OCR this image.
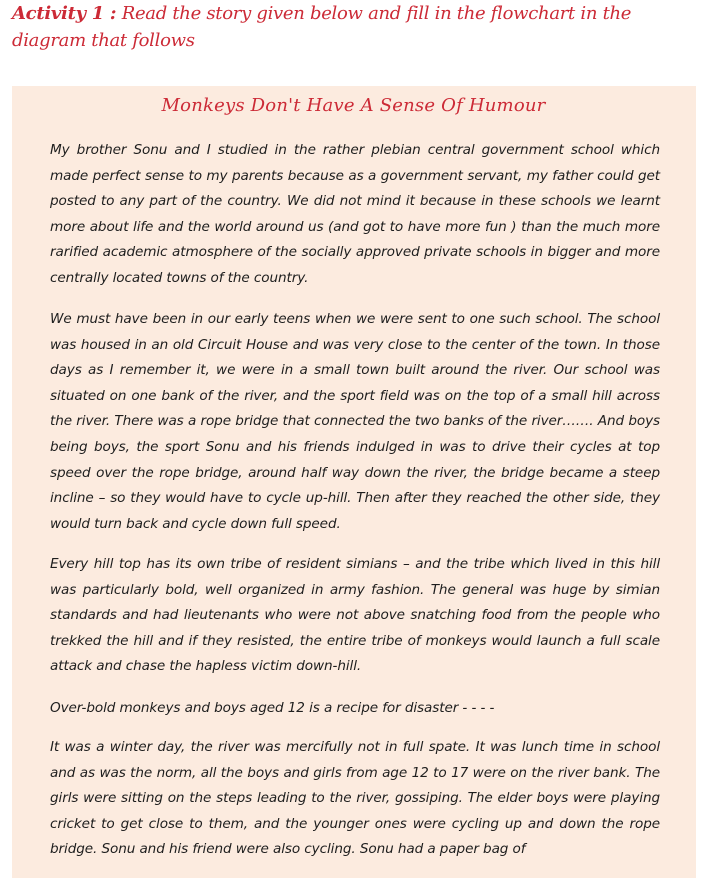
Activity 1 : Read the story given below and fill in the flowchart in the diagram that follows
Monkeys Don't Have A Sense Of Humour

My brother Sonu and I studied in the rather plebian central government school which made perfect sense to my parents because as a government servant, my father could get posted to any part of the country. We did not mind it because in these schools we learnt more about life and the world around us (and got to have more fun ) than the much more rarified academic atmosphere of the socially approved private schools in bigger and more centrally located towns of the country.

We must have been in our early teens when we were sent to one such school. The school was housed in an old Circuit House and was very close to the center of the town. In those days as I remember it, we were in a small town built around the river. Our school was situated on one bank of the river, and the sport field was on the top of a small hill across the river. There was a rope bridge that connected the two banks of the river……. And boys being boys, the sport Sonu and his friends indulged in was to drive their cycles at top speed over the rope bridge, around half way down the river, the bridge became a steep incline – so they would have to cycle up-hill. Then after they reached the other side, they would turn back and cycle down full speed.

Every hill top has its own tribe of resident simians – and the tribe which lived in this hill was particularly bold, well organized in army fashion. The general was huge by simian standards and had lieutenants who were not above snatching food from the people who trekked the hill and if they resisted, the entire tribe of monkeys would launch a full scale attack and chase the hapless victim down-hill.

Over-bold monkeys and boys aged 12 is a recipe for disaster - - - -

It was a winter day, the river was mercifully not in full spate. It was lunch time in school and as was the norm, all the boys and girls from age 12 to 17 were on the river bank. The girls were sitting on the steps leading to the river, gossiping. The elder boys were playing cricket to get close to them, and the younger ones were cycling up and down the rope bridge. Sonu and his friend were also cycling. Sonu had a paper bag of
